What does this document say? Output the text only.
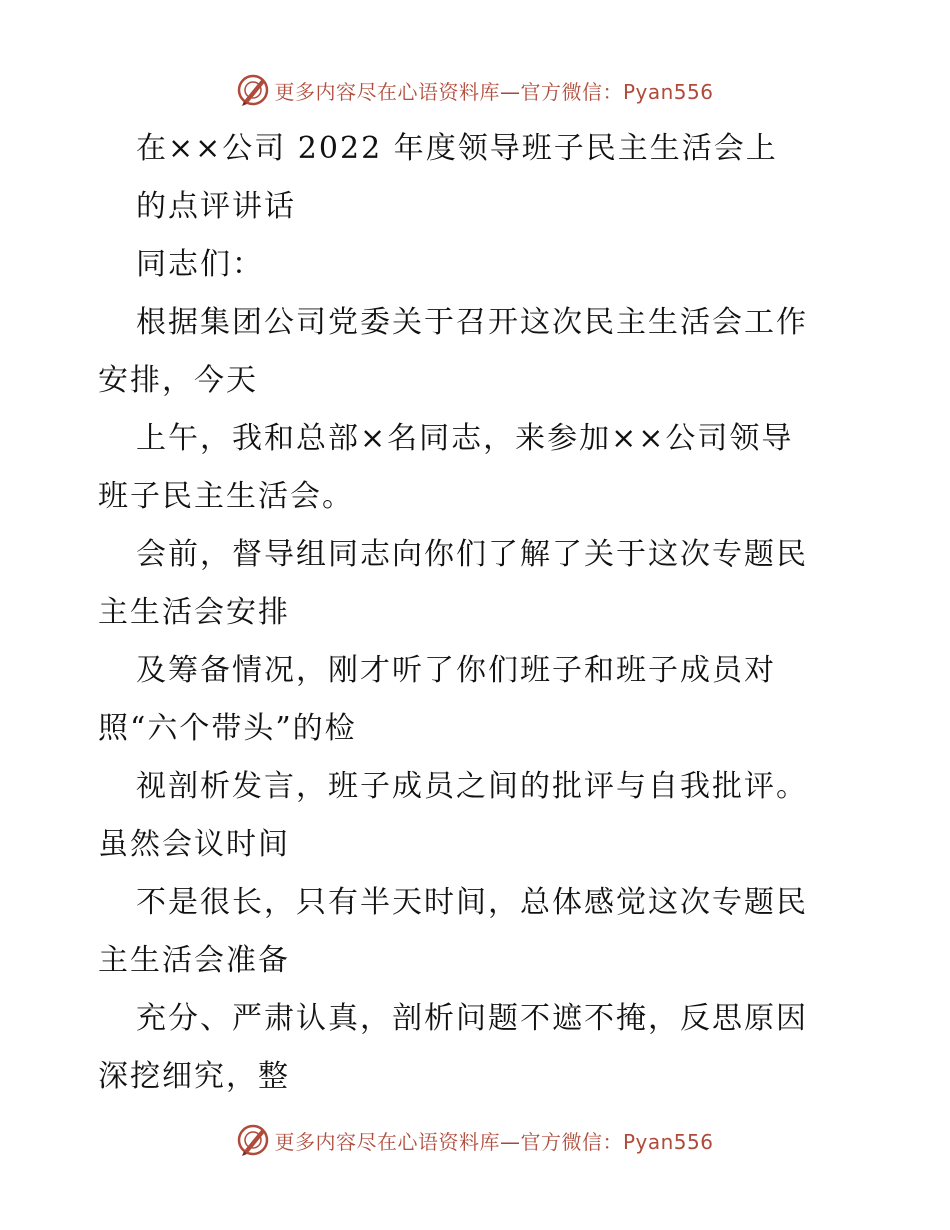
更多内容尽在心语资料库—官方微信：Pyan556
在××公司 2022 年度领导班子民主生活会上
的点评讲话
同志们：
根据集团公司党委关于召开这次民主生活会工作
安排，今天
上午，我和总部×名同志，来参加××公司领导
班子民主生活会。
会前，督导组同志向你们了解了关于这次专题民
主生活会安排
及筹备情况，刚才听了你们班子和班子成员对
照“六个带头”的检
视剖析发言，班子成员之间的批评与自我批评。
虽然会议时间
不是很长，只有半天时间，总体感觉这次专题民
主生活会准备
充分、严肃认真，剖析问题不遮不掩，反思原因
深挖细究，整
更多内容尽在心语资料库—官方微信：Pyan556
